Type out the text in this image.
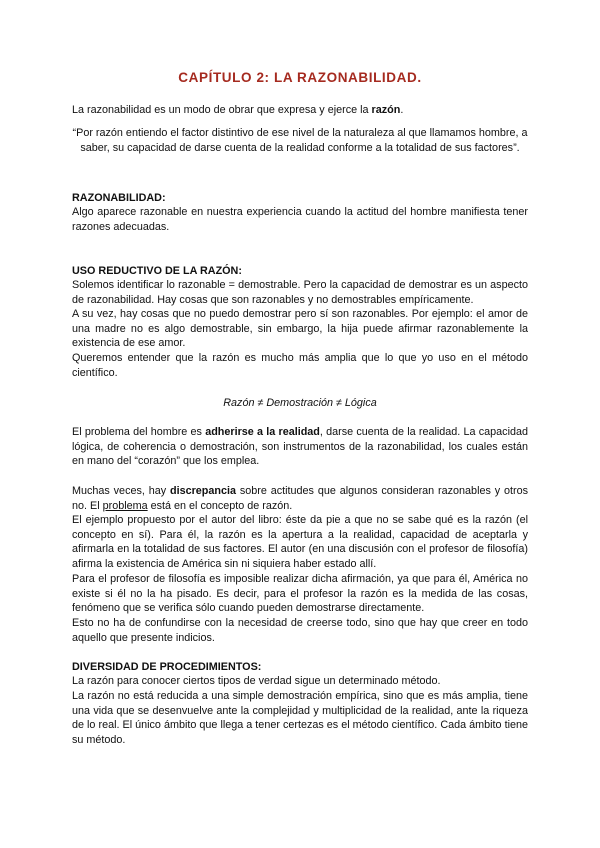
CAPÍTULO 2: LA RAZONABILIDAD.

La razonabilidad es un modo de obrar que expresa y ejerce la razón.

“Por razón entiendo el factor distintivo de ese nivel de la naturaleza al que llamamos hombre, a saber, su capacidad de darse cuenta de la realidad conforme a la totalidad de sus factores”.

RAZONABILIDAD:

Algo aparece razonable en nuestra experiencia cuando la actitud del hombre manifiesta tener razones adecuadas.

USO REDUCTIVO DE LA RAZÓN:

Solemos identificar lo razonable = demostrable. Pero la capacidad de demostrar es un aspecto de razonabilidad. Hay cosas que son razonables y no demostrables empíricamente.

A su vez, hay cosas que no puedo demostrar pero sí son razonables. Por ejemplo: el amor de una madre no es algo demostrable, sin embargo, la hija puede afirmar razonablemente la existencia de ese amor.

Queremos entender que la razón es mucho más amplia que lo que yo uso en el método científico.

Razón ≠ Demostración ≠ Lógica

El problema del hombre es adherirse a la realidad, darse cuenta de la realidad. La capacidad lógica, de coherencia o demostración, son instrumentos de la razonabilidad, los cuales están en mano del “corazón” que los emplea.

Muchas veces, hay discrepancia sobre actitudes que algunos consideran razonables y otros no. El problema está en el concepto de razón.

El ejemplo propuesto por el autor del libro: éste da pie a que no se sabe qué es la razón (el concepto en sí). Para él, la razón es la apertura a la realidad, capacidad de aceptarla y afirmarla en la totalidad de sus factores. El autor (en una discusión con el profesor de filosofía) afirma la existencia de América sin ni siquiera haber estado allí.

Para el profesor de filosofía es imposible realizar dicha afirmación, ya que para él, América no existe si él no la ha pisado. Es decir, para el profesor la razón es la medida de las cosas, fenómeno que se verifica sólo cuando pueden demostrarse directamente.

Esto no ha de confundirse con la necesidad de creerse todo, sino que hay que creer en todo aquello que presente indicios.

DIVERSIDAD DE PROCEDIMIENTOS:

La razón para conocer ciertos tipos de verdad sigue un determinado método.

La razón no está reducida a una simple demostración empírica, sino que es más amplia, tiene una vida que se desenvuelve ante la complejidad y multiplicidad de la realidad, ante la riqueza de lo real. El único ámbito que llega a tener certezas es el método científico. Cada ámbito tiene su método.
